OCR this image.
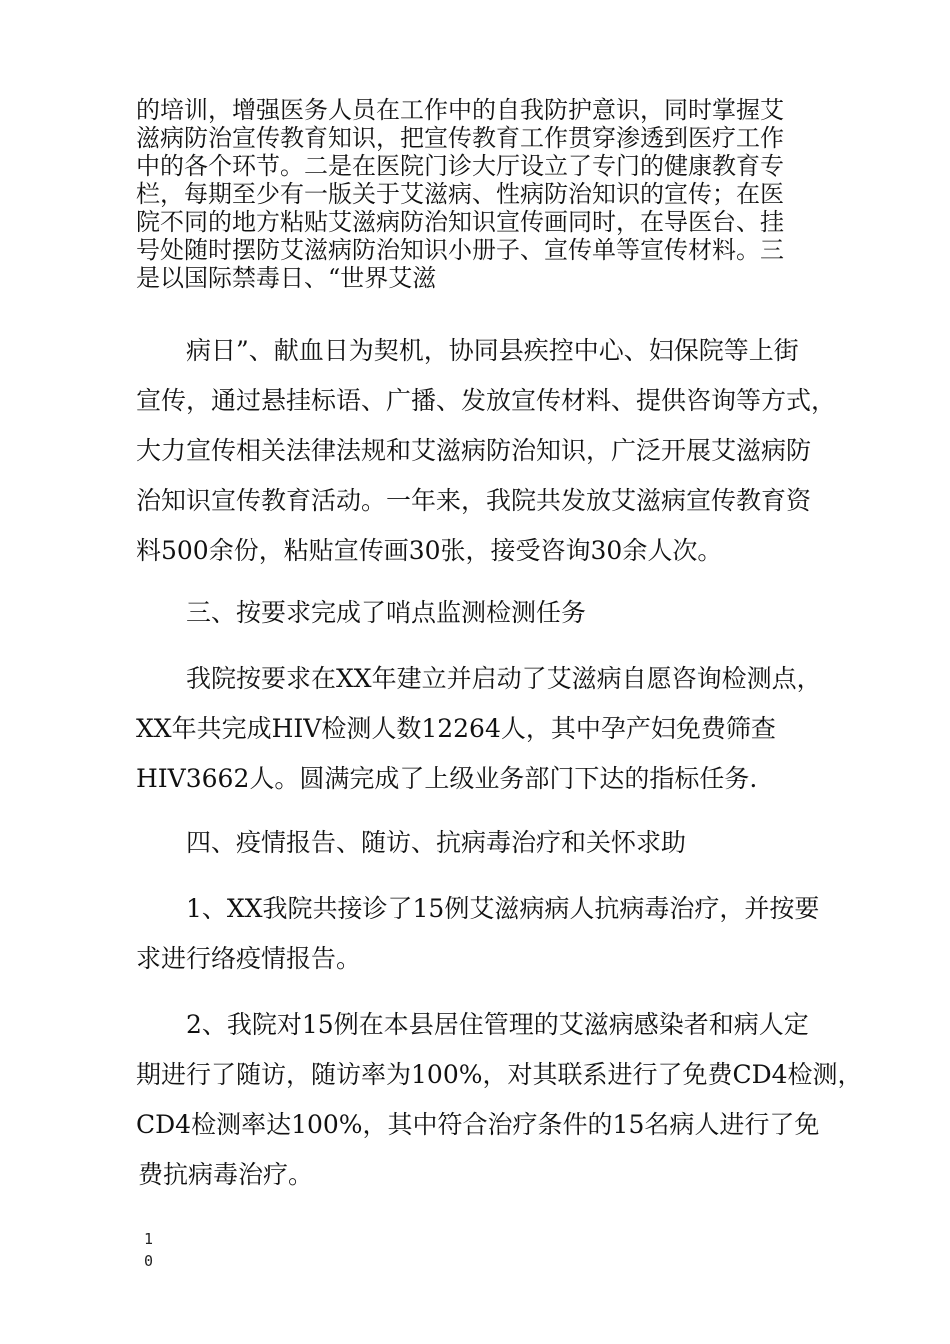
的培训，增强医务人员在工作中的自我防护意识，同时掌握艾
滋病防治宣传教育知识，把宣传教育工作贯穿渗透到医疗工作
中的各个环节。二是在医院门诊大厅设立了专门的健康教育专
栏，每期至少有一版关于艾滋病、性病防治知识的宣传；在医
院不同的地方粘贴艾滋病防治知识宣传画同时，在导医台、挂
号处随时摆防艾滋病防治知识小册子、宣传单等宣传材料。三
是以国际禁毒日、“世界艾滋
病日”、献血日为契机，协同县疾控中心、妇保院等上街
宣传，通过悬挂标语、广播、发放宣传材料、提供咨询等方式，
大力宣传相关法律法规和艾滋病防治知识，广泛开展艾滋病防
治知识宣传教育活动。一年来，我院共发放艾滋病宣传教育资
料500余份，粘贴宣传画30张，接受咨询30余人次。
三、按要求完成了哨点监测检测任务
我院按要求在XX年建立并启动了艾滋病自愿咨询检测点，
XX年共完成HIV检测人数12264人，其中孕产妇免费筛查
HIV3662人。圆满完成了上级业务部门下达的指标任务.
四、疫情报告、随访、抗病毒治疗和关怀求助
1、XX我院共接诊了15例艾滋病病人抗病毒治疗，并按要
求进行络疫情报告。
2、我院对15例在本县居住管理的艾滋病感染者和病人定
期进行了随访，随访率为100%，对其联系进行了免费CD4检测，
CD4检测率达100%，其中符合治疗条件的15名病人进行了免
费抗病毒治疗。
1
0
